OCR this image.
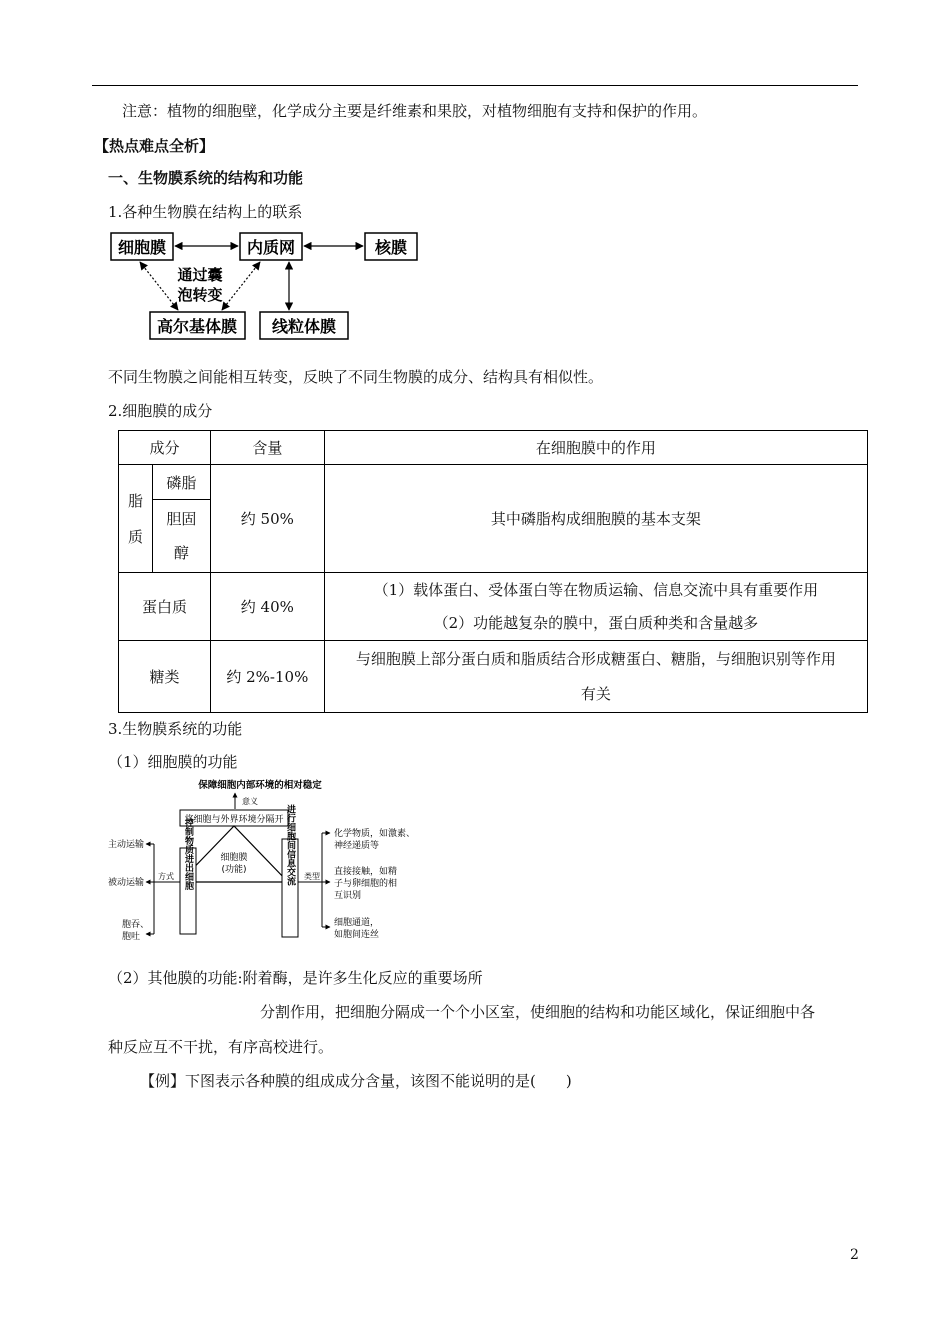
注意：植物的细胞壁，化学成分主要是纤维素和果胶，对植物细胞有支持和保护的作用。
【热点难点全析】
一、生物膜系统的结构和功能
1.各种生物膜在结构上的联系
细胞膜	内质网	核膜
高尔基体膜 线粒体膜
通过囊
泡转变
不同生物膜之间能相互转变，反映了不同生物膜的成分、结构具有相似性。
2.细胞膜的成分
成分		含量	在细胞膜中的作用

脂
质	磷脂	约 50%	其中磷脂构成细胞膜的基本支架

	胆固
醇		

蛋白质		约 40%	（1）载体蛋白、受体蛋白等在物质运输、信息交流中具有重要作用
（2）功能越复杂的膜中，蛋白质种类和含量越多

糖类		约 2%-10%	与细胞膜上部分蛋白质和脂质结合形成糖蛋白、糖脂，与细胞识别等作用
有关
3.生物膜系统的功能
（1）细胞膜的功能
保障细胞内部环境的相对稳定
意义
将细胞与外界环境分隔开
细胞膜
(功能)
控制物质进出细胞	进行细胞间信息交流
方式
主动运输
被动运输
胞吞、
胞吐
类型
化学物质，如激素、
神经递质等
直接接触，如精
子与卵细胞的相
互识别
细胞通道，
如胞间连丝
（2）其他膜的功能:附着酶，是许多生化反应的重要场所
分割作用，把细胞分隔成一个个小区室，使细胞的结构和功能区域化，保证细胞中各
种反应互不干扰，有序高校进行。
【例】下图表示各种膜的组成成分含量，该图不能说明的是(　　)
2
